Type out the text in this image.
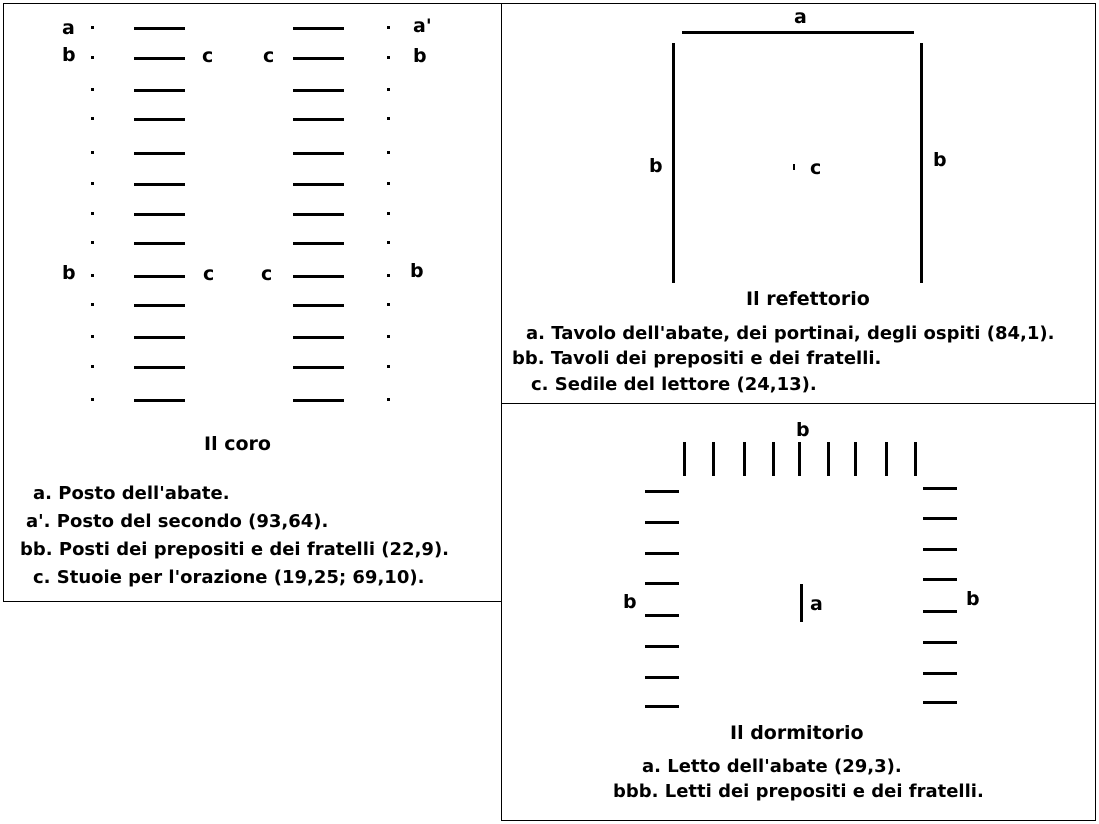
a	a'
b	c	c	b
b	c c	b
Il coro
a. Posto dell'abate.
a'. Posto del secondo (93,64).
bb. Posti dei prepositi e dei fratelli (22,9).
c. Stuoie per l'orazione (19,25; 69,10).
a
b	b
c
Il refettorio
a. Tavolo dell'abate, dei portinai, degli ospiti (84,1).
bb. Tavoli dei prepositi e dei fratelli.
c. Sedile del lettore (24,13).
b
b	b
a
Il dormitorio
a. Letto dell'abate (29,3).
bbb. Letti dei prepositi e dei fratelli.
